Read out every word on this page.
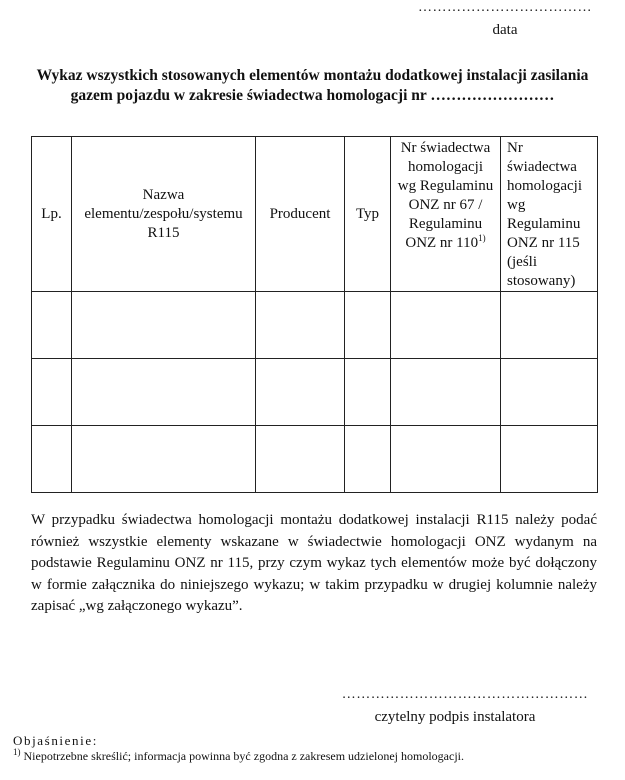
………………………………
data
Wykaz wszystkich stosowanych elementów montażu dodatkowej instalacji zasilania
gazem pojazdu w zakresie świadectwa homologacji nr ……………………
Lp.	Nazwa elementu/zespołu/systemu R115	Producent	Typ	Nr świadectwa homologacji wg Regulaminu ONZ nr 67 / Regulaminu ONZ nr 110$^{1)}$	Nr świadectwa homologacji wg Regulaminu ONZ nr 115 (jeśli stosowany)

W przypadku świadectwa homologacji montażu dodatkowej instalacji R115 należy podać również wszystkie elementy wskazane w świadectwie homologacji ONZ wydanym na podstawie Regulaminu ONZ nr 115, przy czym wykaz tych elementów może być dołączony w formie załącznika do niniejszego wykazu; w takim przypadku w drugiej kolumnie należy zapisać „wg załączonego wykazu”.
……………………………………………
czytelny podpis instalatora
Objaśnienie:
$^{1)}$ Niepotrzebne skreślić; informacja powinna być zgodna z zakresem udzielonej homologacji.
